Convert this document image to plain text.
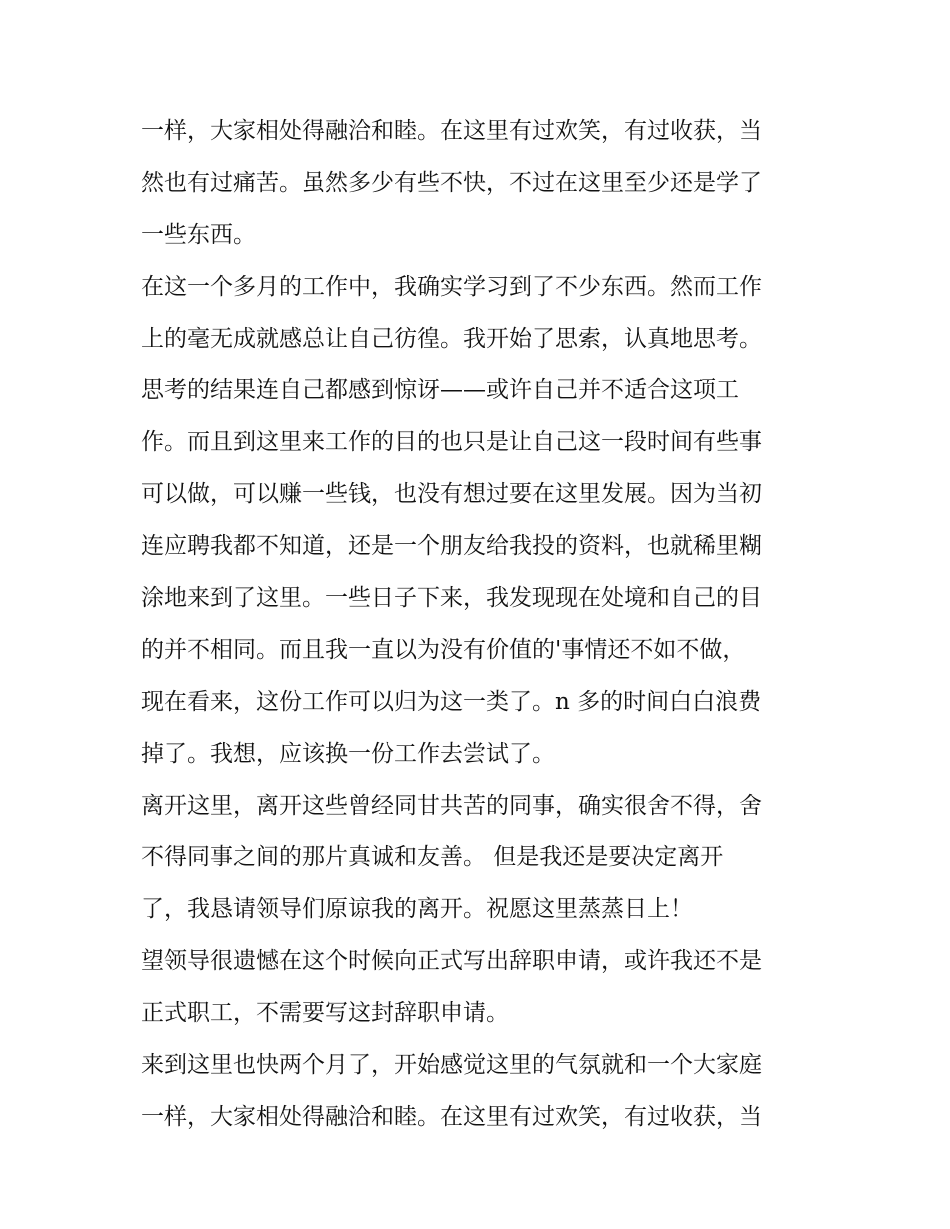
一样，大家相处得融洽和睦。在这里有过欢笑，有过收获，当
然也有过痛苦。虽然多少有些不快，不过在这里至少还是学了
一些东西。
在这一个多月的工作中，我确实学习到了不少东西。然而工作
上的毫无成就感总让自己彷徨。我开始了思索，认真地思考。
思考的结果连自己都感到惊讶——或许自己并不适合这项工
作。而且到这里来工作的目的也只是让自己这一段时间有些事
可以做，可以赚一些钱，也没有想过要在这里发展。因为当初
连应聘我都不知道，还是一个朋友给我投的资料，也就稀里糊
涂地来到了这里。一些日子下来，我发现现在处境和自己的目
的并不相同。而且我一直以为没有价值的'事情还不如不做，
现在看来，这份工作可以归为这一类了。n 多的时间白白浪费
掉了。我想，应该换一份工作去尝试了。
离开这里，离开这些曾经同甘共苦的同事，确实很舍不得，舍
不得同事之间的那片真诚和友善。 但是我还是要决定离开
了，我恳请领导们原谅我的离开。祝愿这里蒸蒸日上！
望领导很遗憾在这个时候向正式写出辞职申请，或许我还不是
正式职工，不需要写这封辞职申请。
来到这里也快两个月了，开始感觉这里的气氛就和一个大家庭
一样，大家相处得融洽和睦。在这里有过欢笑，有过收获，当
